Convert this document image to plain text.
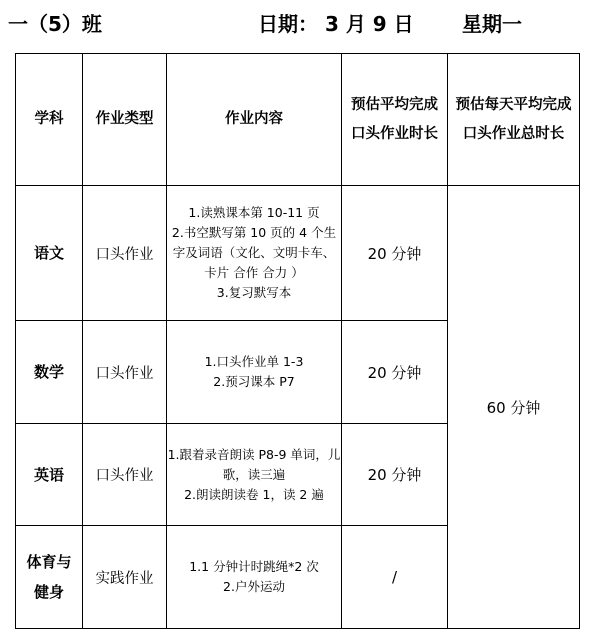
一（5）班	日期： 3 月 9 日 星期一
学科	作业类型	作业内容	预估平均完成口头作业时长	预估每天平均完成口头作业总时长

语文	口头作业	1.读熟课本第 10-11 页
2.书空默写第 10 页的 4 个生字及词语（文化、文明卡车、卡片 合作 合力 ）
3.复习默写本	20 分钟	60 分钟

数学	口头作业	1.口头作业单 1-3
2.预习课本 P7	20 分钟	

英语	口头作业	1.跟着录音朗读 P8-9 单词，儿歌，读三遍
2.朗读朗读卷 1，读 2 遍	20 分钟	

体育与健身	实践作业	1.1 分钟计时跳绳*2 次
2.户外运动	/	
